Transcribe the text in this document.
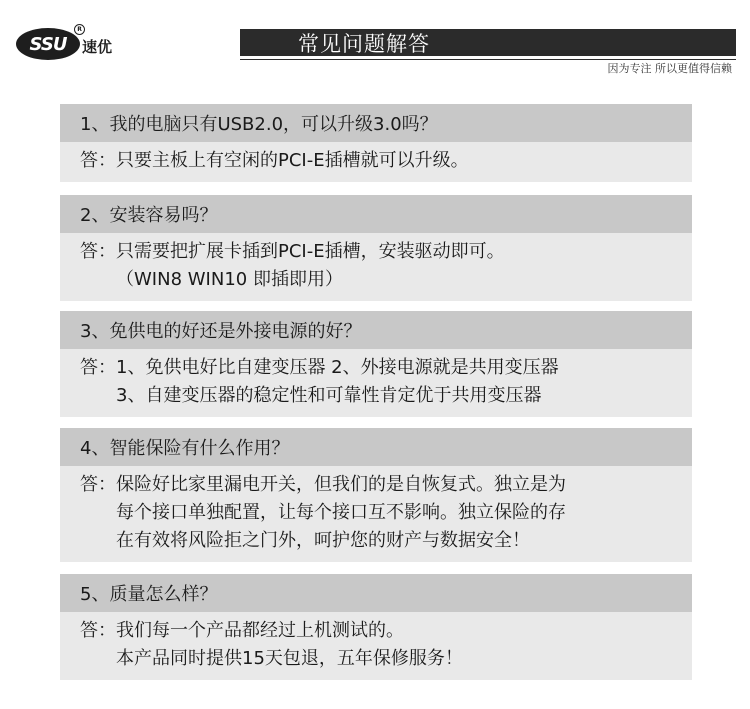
SSU
R
速优	常见问题解答
因为专注 所以更值得信赖
1、我的电脑只有USB2.0，可以升级3.0吗？
答： 只要主板上有空闲的PCI-E插槽就可以升级。
2、安装容易吗？
答： 只需要把扩展卡插到PCI-E插槽，安装驱动即可。
（WIN8 WIN10 即插即用）
3、免供电的好还是外接电源的好？
答： 1、免供电好比自建变压器 2、外接电源就是共用变压器
3、自建变压器的稳定性和可靠性肯定优于共用变压器
4、智能保险有什么作用？
答： 保险好比家里漏电开关，但我们的是自恢复式。独立是为
每个接口单独配置，让每个接口互不影响。独立保险的存
在有效将风险拒之门外，呵护您的财产与数据安全！
5、质量怎么样？
答： 我们每一个产品都经过上机测试的。
本产品同时提供15天包退，五年保修服务！
